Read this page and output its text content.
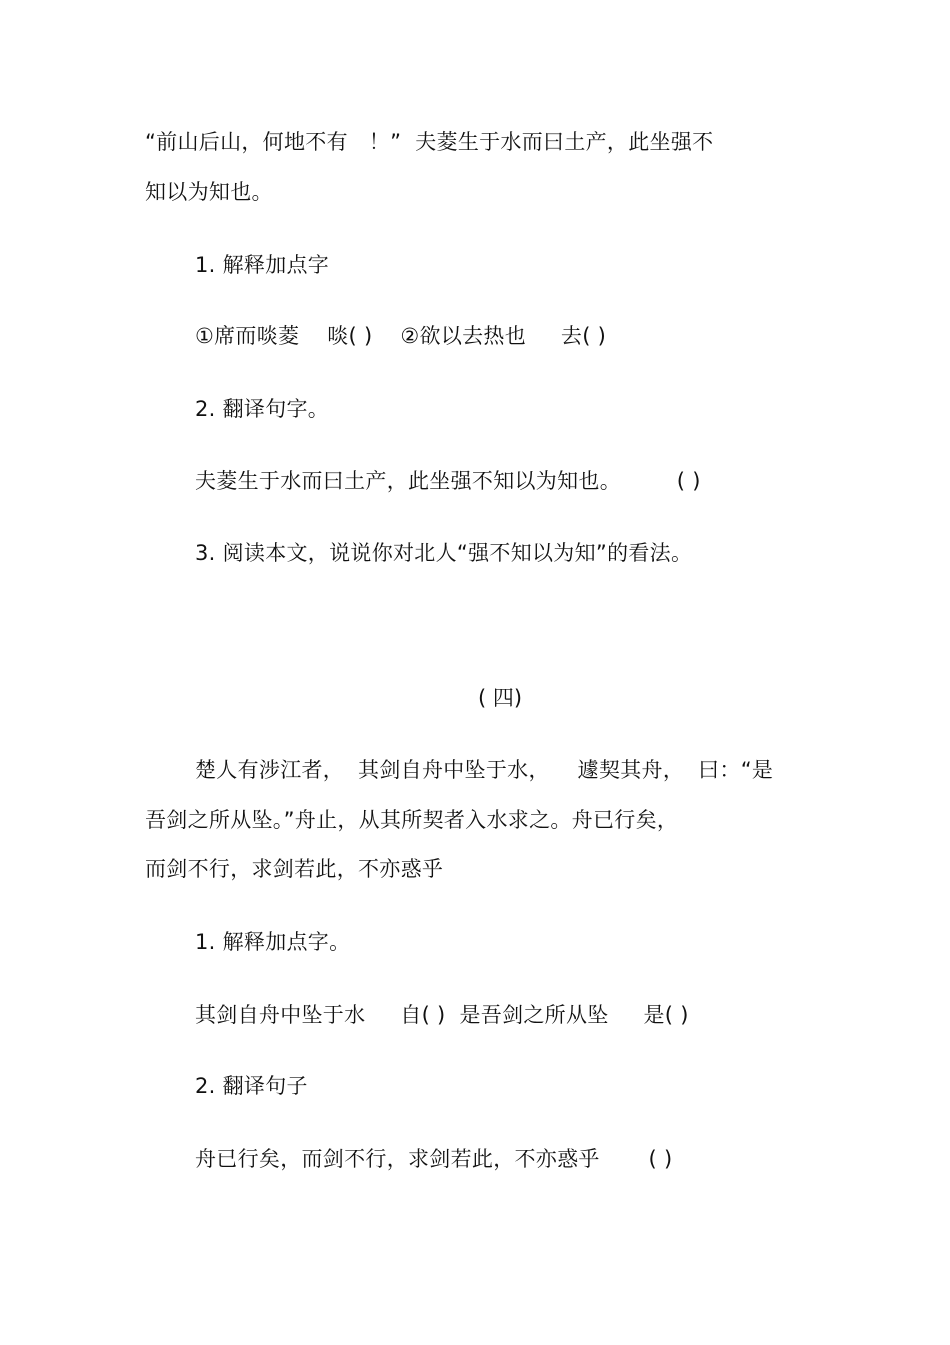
“前山后山，何地不有   ！”  夫菱生于水而曰土产，此坐强不
知以为知也。
1. 解释加点字
①席而啖菱    啖( )    ②欲以去热也     去( )
2. 翻译句字。
夫菱生于水而曰土产，此坐强不知以为知也。        ( )
3. 阅读本文，说说你对北人“强不知以为知”的看法。
( 四)
楚人有涉江者，  其剑自舟中坠于水，    遽契其舟，  曰：“是
吾剑之所从坠。”舟止，从其所契者入水求之。舟已行矣，
而剑不行，求剑若此，不亦惑乎
1. 解释加点字。
其剑自舟中坠于水     自( )  是吾剑之所从坠     是( )
2. 翻译句子
舟已行矣，而剑不行，求剑若此，不亦惑乎       ( )
